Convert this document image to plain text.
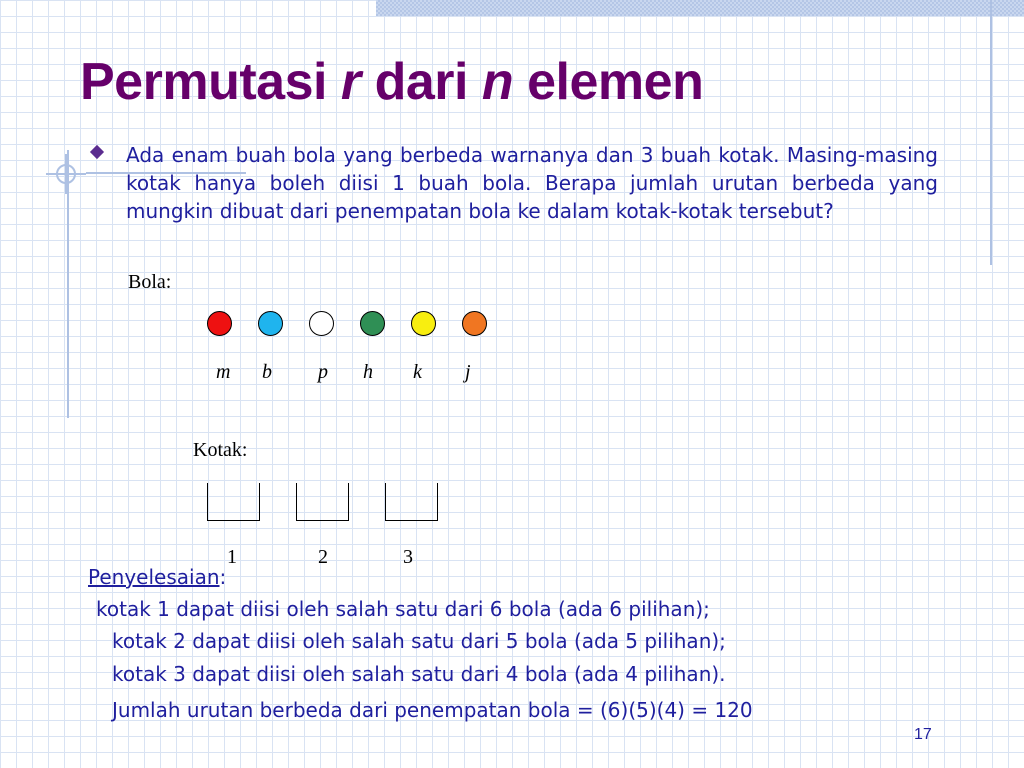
Permutasi r dari n elemen

Ada enam buah bola yang berbeda warnanya dan 3 buah kotak. Masing-masing kotak hanya boleh diisi 1 buah bola. Berapa jumlah urutan berbeda yang mungkin dibuat dari penempatan bola ke dalam kotak-kotak tersebut?

Bola:
m b p h k j
Kotak:
1	2	3
Penyelesaian:
kotak 1 dapat diisi oleh salah satu dari 6 bola (ada 6 pilihan);
kotak 2 dapat diisi oleh salah satu dari 5 bola (ada 5 pilihan);
kotak 3 dapat diisi oleh salah satu dari 4 bola (ada 4 pilihan).
Jumlah urutan berbeda dari penempatan bola = (6)(5)(4) = 120
17
